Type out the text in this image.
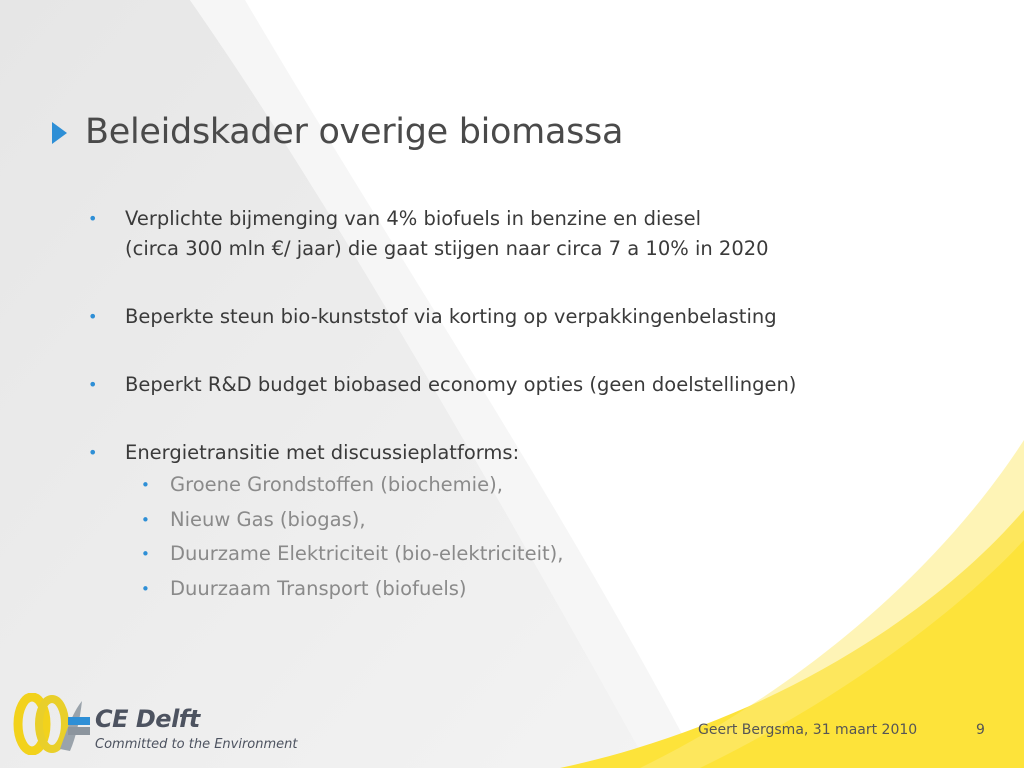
Beleidskader overige biomassa
• Verplichte bijmenging van 4% biofuels in benzine en diesel
(circa 300 mln €/ jaar) die gaat stijgen naar circa 7 a 10% in 2020
• Beperkte steun bio-kunststof via korting op verpakkingenbelasting
• Beperkt R&D budget biobased economy opties (geen doelstellingen)
• Energietransitie met discussieplatforms:
• Groene Grondstoffen (biochemie),
• Nieuw Gas (biogas),
• Duurzame Elektriciteit (bio-elektriciteit),
• Duurzaam Transport (biofuels)
CE Delft
Committed to the Environment
Geert Bergsma, 31 maart 2010	9
